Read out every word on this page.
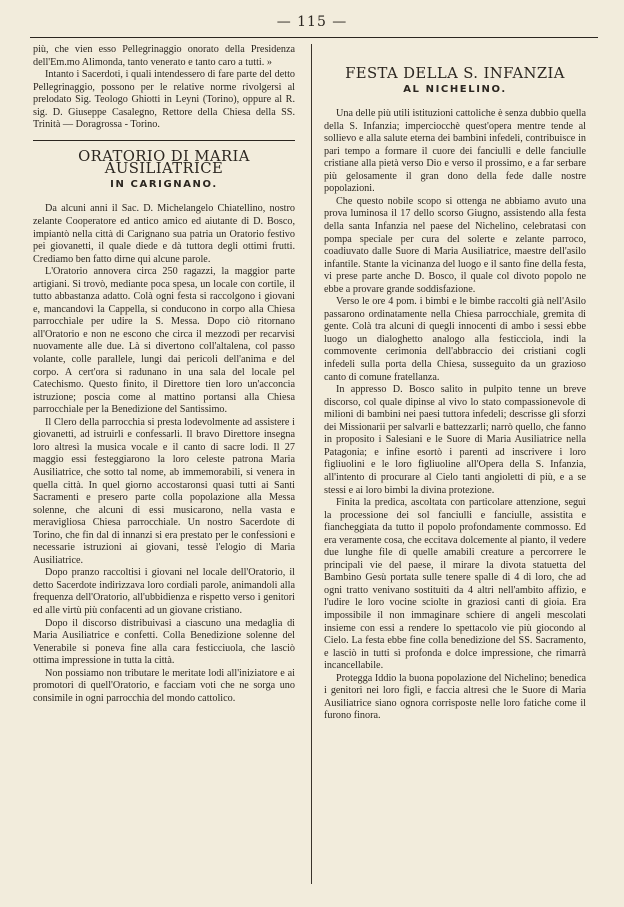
— 115 —

più, che vien esso Pellegrinaggio onorato della Presidenza dell'Em.mo Alimonda, tanto venerato e tanto caro a tutti. »

Intanto i Sacerdoti, i quali intendessero di fare parte del detto Pellegrinaggio, possono per le relative norme rivolgersi al prelodato Sig. Teologo Ghiotti in Leyni (Torino), oppure al R. sig. D. Giuseppe Casalegno, Rettore della Chiesa della SS. Trinità — Doragrossa - Torino.

ORATORIO DI MARIA AUSILIATRICE
IN CARIGNANO.

Da alcuni anni il Sac. D. Michelangelo Chiatellino, nostro zelante Cooperatore ed antico amico ed aiutante di D. Bosco, impiantò nella città di Carignano sua patria un Oratorio festivo pei giovanetti, il quale diede e dà tuttora degli ottimi frutti. Crediamo ben fatto dirne qui alcune parole.

L'Oratorio annovera circa 250 ragazzi, la maggior parte artigiani. Si trovò, mediante poca spesa, un locale con cortile, il tutto abbastanza adatto. Colà ogni festa si raccolgono i giovani e, mancandovi la Cappella, si conducono in corpo alla Chiesa parrocchiale per udire la S. Messa. Dopo ciò ritornano all'Oratorio e non ne escono che circa il mezzodì per recarvisi nuovamente alle due. Là si divertono coll'altalena, col passo volante, colle parallele, lungi dai pericoli dell'anima e del corpo. A cert'ora si radunano in una sala del locale pel Catechismo. Questo finito, il Direttore tien loro un'acconcia istruzione; poscia come al mattino portansi alla Chiesa parrocchiale per la Benedizione del Santissimo.

Il Clero della parrocchia si presta lodevolmente ad assistere i giovanetti, ad istruirli e confessarli. Il bravo Direttore insegna loro altresì la musica vocale e il canto di sacre lodi. Il 27 maggio essi festeggiarono la loro celeste patrona Maria Ausiliatrice, che sotto tal nome, ab immemorabili, si venera in quella città. In quel giorno accostaronsi quasi tutti ai Santi Sacramenti e presero parte colla popolazione alla Messa solenne, che alcuni di essi musicarono, nella vasta e meravigliosa Chiesa parrocchiale. Un nostro Sacerdote di Torino, che fin dal di innanzi si era prestato per le confessioni e necessarie istruzioni ai giovani, tessè l'elogio di Maria Ausiliatrice.

Dopo pranzo raccoltisi i giovani nel locale dell'Oratorio, il detto Sacerdote indirizzava loro cordiali parole, animandoli alla frequenza dell'Oratorio, all'ubbidienza e rispetto verso i genitori ed alle virtù più confacenti ad un giovane cristiano.

Dopo il discorso distribuivasi a ciascuno una medaglia di Maria Ausiliatrice e confetti. Colla Benedizione solenne del Venerabile si poneva fine alla cara festicciuola, che lasciò ottima impressione in tutta la città.

Non possiamo non tributare le meritate lodi all'iniziatore e ai promotori di quell'Oratorio, e facciam voti che ne sorga uno consimile in ogni parrocchia del mondo cattolico.

FESTA DELLA S. INFANZIA
AL NICHELINO.

Una delle più utili istituzioni cattoliche è senza dubbio quella della S. Infanzia; imperciocchè quest'opera mentre tende al sollievo e alla salute eterna dei bambini infedeli, contribuisce in pari tempo a formare il cuore dei fanciulli e delle fanciulle cristiane alla pietà verso Dio e verso il prossimo, e a far serbare più gelosamente il gran dono della fede dalle nostre popolazioni.

Che questo nobile scopo si ottenga ne abbiamo avuto una prova luminosa il 17 dello scorso Giugno, assistendo alla festa della santa Infanzia nel paese del Nichelino, celebratasi con pompa speciale per cura del solerte e zelante parroco, coadiuvato dalle Suore di Maria Ausiliatrice, maestre dell'asilo infantile. Stante la vicinanza del luogo e il santo fine della festa, vi prese parte anche D. Bosco, il quale col divoto popolo ne ebbe a provare grande soddisfazione.

Verso le ore 4 pom. i bimbi e le bimbe raccolti già nell'Asilo passarono ordinatamente nella Chiesa parrocchiale, gremita di gente. Colà tra alcuni di quegli innocenti di ambo i sessi ebbe luogo un dialoghetto analogo alla festicciola, indi la commovente cerimonia dell'abbraccio dei cristiani cogli infedeli sulla porta della Chiesa, susseguito da un grazioso canto di comune fratellanza.

In appresso D. Bosco salito in pulpito tenne un breve discorso, col quale dipinse al vivo lo stato compassionevole di milioni di bambini nei paesi tuttora infedeli; descrisse gli sforzi dei Missionarii per salvarli e battezzarli; narrò quello, che fanno in proposito i Salesiani e le Suore di Maria Ausiliatrice nella Patagonia; e infine esortò i parenti ad inscrivere i loro figliuolini e le loro figliuoline all'Opera della S. Infanzia, all'intento di procurare al Cielo tanti angioletti di più, e a se stessi e ai loro bimbi la divina protezione.

Finita la predica, ascoltata con particolare attenzione, seguì la processione dei sol fanciulli e fanciulle, assistita e fiancheggiata da tutto il popolo profondamente commosso. Ed era veramente cosa, che eccitava dolcemente al pianto, il vedere due lunghe file di quelle amabili creature a percorrere le principali vie del paese, il mirare la divota statuetta del Bambino Gesù portata sulle tenere spalle di 4 di loro, che ad ogni tratto venivano sostituiti da 4 altri nell'ambito affizio, e l'udire le loro vocine sciolte in graziosi canti di gioia. Era impossibile il non immaginare schiere di angeli mescolati insieme con essi a rendere lo spettacolo vie più giocondo al Cielo. La festa ebbe fine colla benedizione del SS. Sacramento, e lasciò in tutti sì profonda e dolce impressione, che rimarrà incancellabile.

Protegga Iddio la buona popolazione del Nichelino; benedica i genitori nei loro figli, e faccia altresì che le Suore di Maria Ausiliatrice siano ognora corrisposte nelle loro fatiche come il furono finora.
